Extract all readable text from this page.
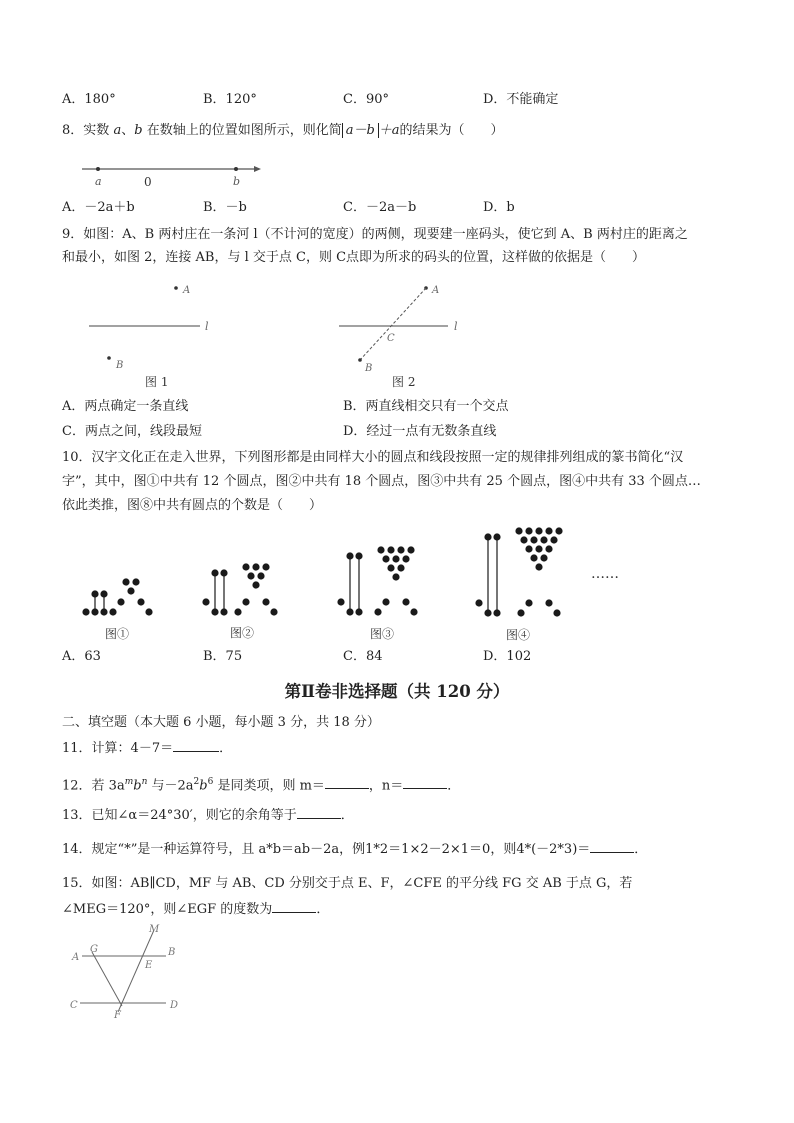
A．180°	B．120°	C．90°	D．不能确定
8．实数 a、b 在数轴上的位置如图所示，则化简 a－b ＋a的结果为（　　）
a	0	b
A．－2a＋b	B．－b	C．－2a－b	D．b
9．如图：A、B 两村庄在一条河 l（不计河的宽度）的两侧，现要建一座码头，使它到 A、B 两村庄的距离之
和最小，如图 2，连接 AB，与 l 交于点 C，则 C点即为所求的码头的位置，这样做的依据是（　　）
A
l
B
图 1
A
l
C
B
图 2
A．两点确定一条直线	B．两直线相交只有一个交点
C．两点之间，线段最短	D．经过一点有无数条直线
10．汉字文化正在走入世界，下列图形都是由同样大小的圆点和线段按照一定的规律排列组成的篆书简化“汉
字”，其中，图①中共有 12 个圆点，图②中共有 18 个圆点，图③中共有 25 个圆点，图④中共有 33 个圆点…
依此类推，图⑧中共有圆点的个数是（　　）
……
图①	图②	图③	图④
A．63	B．75	C．84	D．102
第Ⅱ卷非选择题（共 120 分）
二、填空题（本大题 6 小题，每小题 3 分，共 18 分）
11．计算：4－7＝	．
12．若 $3a^mb^n$ 与$-2a^2b^6$ 是同类项，则 m＝	，n＝	．
13．已知∠α＝24°30′，则它的余角等于	．
14．规定“*”是一种运算符号，且 a*b＝ab－2a，例1*2＝1×2－2×1＝0，则4*(－2*3)＝	．
15．如图：AB∥CD，MF 与 AB、CD 分别交于点 E、F，∠CFE 的平分线 FG 交 AB 于点 G，若
∠MEG＝120°，则∠EGF 的度数为	．
A	B
C	D
G
E
F
M
